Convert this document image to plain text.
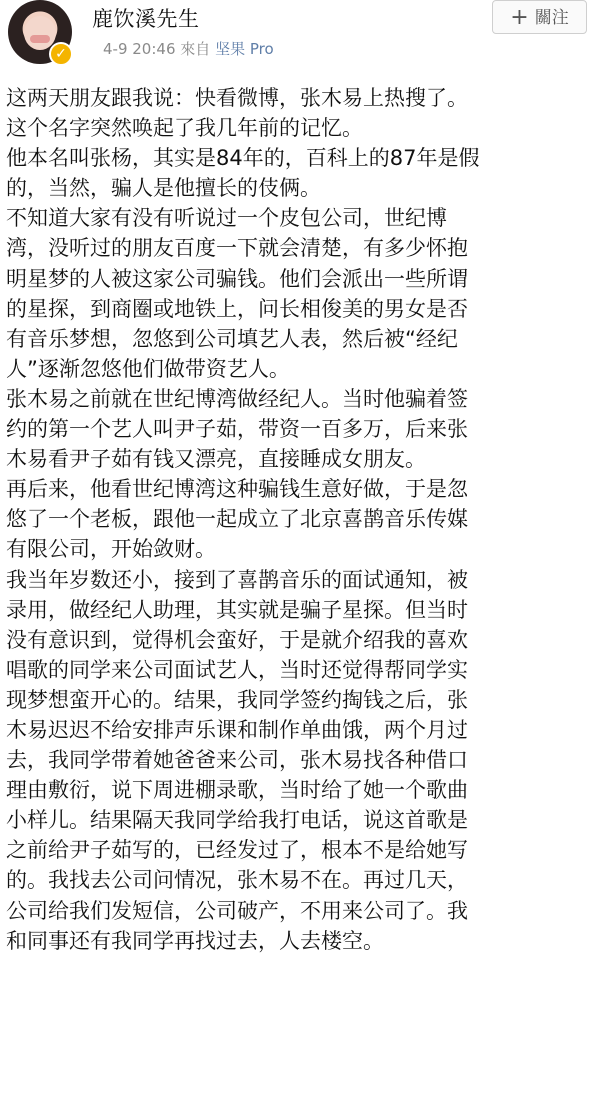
✓
鹿饮溪先生
4-9 20:46 來自 坚果 Pro
+ 關注

这两天朋友跟我说：快看微博，张木易上热搜了。
这个名字突然唤起了我几年前的记忆。

他本名叫张杨，其实是84年的，百科上的87年是假
的，当然，骗人是他擅长的伎俩。

不知道大家有没有听说过一个皮包公司，世纪博
湾，没听过的朋友百度一下就会清楚，有多少怀抱
明星梦的人被这家公司骗钱。他们会派出一些所谓
的星探，到商圈或地铁上，问长相俊美的男女是否
有音乐梦想，忽悠到公司填艺人表，然后被“经纪
人”逐渐忽悠他们做带资艺人。

张木易之前就在世纪博湾做经纪人。当时他骗着签
约的第一个艺人叫尹子茹，带资一百多万，后来张
木易看尹子茹有钱又漂亮，直接睡成女朋友。

再后来，他看世纪博湾这种骗钱生意好做，于是忽
悠了一个老板，跟他一起成立了北京喜鹊音乐传媒
有限公司，开始敛财。

我当年岁数还小，接到了喜鹊音乐的面试通知，被
录用，做经纪人助理，其实就是骗子星探。但当时
没有意识到，觉得机会蛮好，于是就介绍我的喜欢
唱歌的同学来公司面试艺人，当时还觉得帮同学实
现梦想蛮开心的。结果，我同学签约掏钱之后，张
木易迟迟不给安排声乐课和制作单曲饿，两个月过
去，我同学带着她爸爸来公司，张木易找各种借口
理由敷衍，说下周进棚录歌，当时给了她一个歌曲
小样儿。结果隔天我同学给我打电话，说这首歌是
之前给尹子茹写的，已经发过了，根本不是给她写
的。我找去公司问情况，张木易不在。再过几天，
公司给我们发短信，公司破产，不用来公司了。我
和同事还有我同学再找过去，人去楼空。
